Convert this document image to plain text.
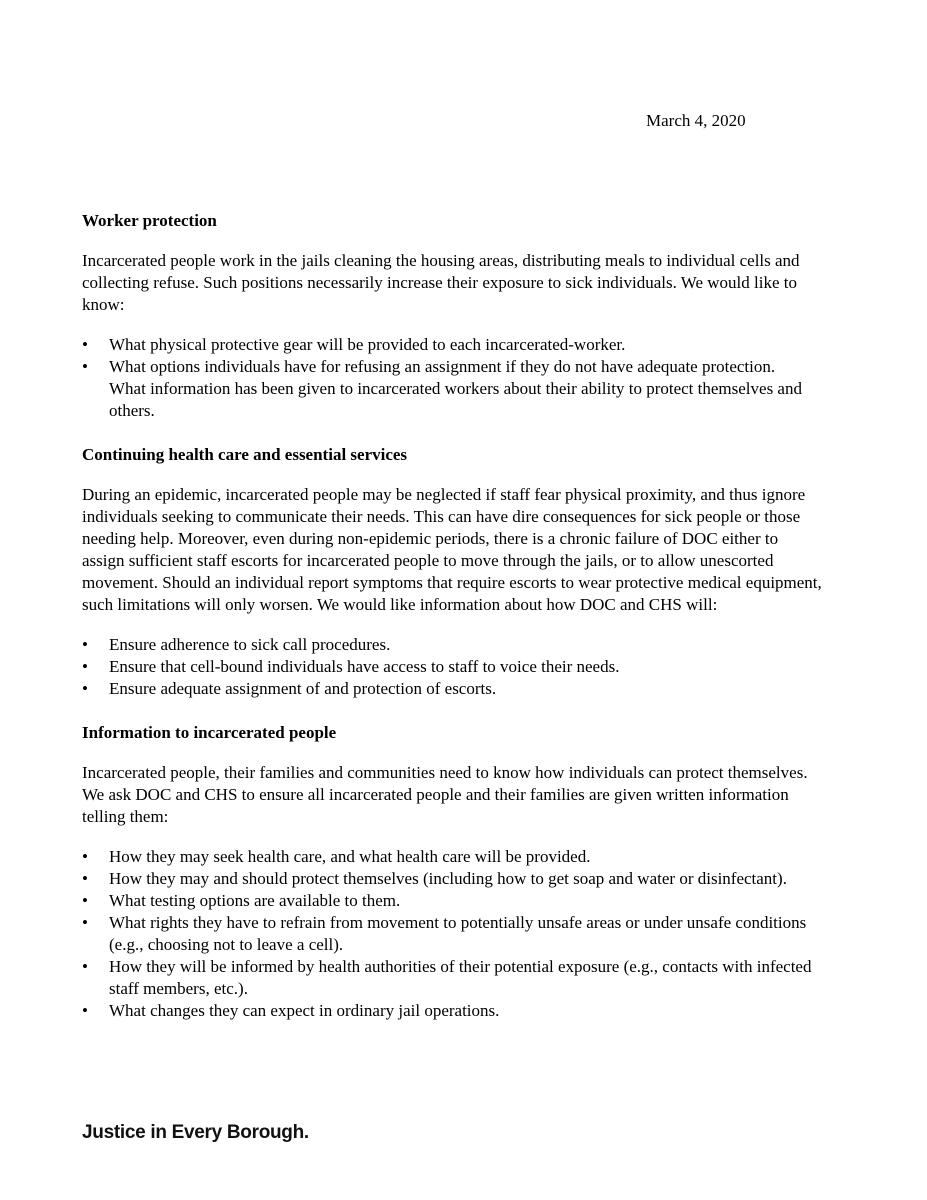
March 4, 2020
Worker protection

Incarcerated people work in the jails cleaning the housing areas, distributing meals to individual cells and collecting refuse. Such positions necessarily increase their exposure to sick individuals. We would like to know:

• What physical protective gear will be provided to each incarcerated-worker.
• What options individuals have for refusing an assignment if they do not have adequate protection.
What information has been given to incarcerated workers about their ability to protect themselves and others.
Continuing health care and essential services

During an epidemic, incarcerated people may be neglected if staff fear physical proximity, and thus ignore individuals seeking to communicate their needs. This can have dire consequences for sick people or those needing help. Moreover, even during non-epidemic periods, there is a chronic failure of DOC either to assign sufficient staff escorts for incarcerated people to move through the jails, or to allow unescorted movement. Should an individual report symptoms that require escorts to wear protective medical equipment, such limitations will only worsen. We would like information about how DOC and CHS will:

• Ensure adherence to sick call procedures.
• Ensure that cell-bound individuals have access to staff to voice their needs.
• Ensure adequate assignment of and protection of escorts.
Information to incarcerated people

Incarcerated people, their families and communities need to know how individuals can protect themselves. We ask DOC and CHS to ensure all incarcerated people and their families are given written information telling them:

• How they may seek health care, and what health care will be provided.
• How they may and should protect themselves (including how to get soap and water or disinfectant).
• What testing options are available to them.
• What rights they have to refrain from movement to potentially unsafe areas or under unsafe conditions (e.g., choosing not to leave a cell).
• How they will be informed by health authorities of their potential exposure (e.g., contacts with infected staff members, etc.).
• What changes they can expect in ordinary jail operations.
Justice in Every Borough.
